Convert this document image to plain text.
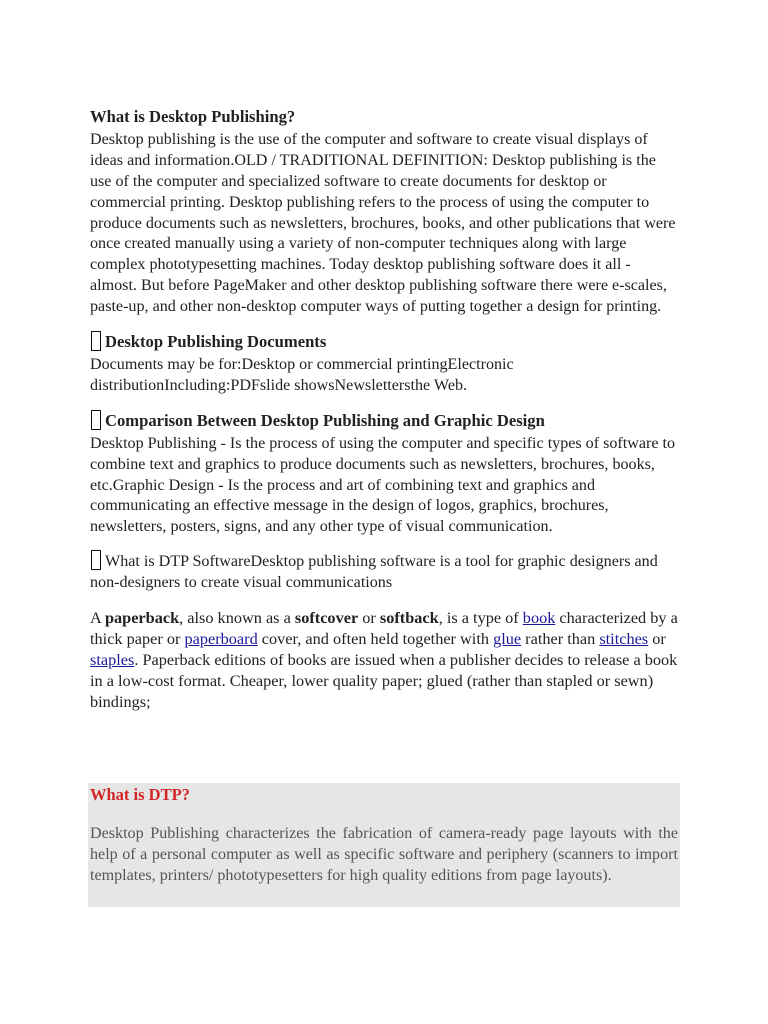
What is Desktop Publishing?
Desktop publishing is the use of the computer and software to create visual displays of ideas and information.OLD / TRADITIONAL DEFINITION: Desktop publishing is the use of the computer and specialized software to create documents for desktop or commercial printing. Desktop publishing refers to the process of using the computer to produce documents such as newsletters, brochures, books, and other publications that were once created manually using a variety of non-computer techniques along with large complex phototypesetting machines. Today desktop publishing software does it all - almost. But before PageMaker and other desktop publishing software there were e-scales, paste-up, and other non-desktop computer ways of putting together a design for printing.
Desktop Publishing Documents
Documents may be for:Desktop or commercial printingElectronic distributionIncluding:PDFslide showsNewslettersthe Web.
Comparison Between Desktop Publishing and Graphic Design
Desktop Publishing - Is the process of using the computer and specific types of software to combine text and graphics to produce documents such as newsletters, brochures, books, etc.Graphic Design - Is the process and art of combining text and graphics and communicating an effective message in the design of logos, graphics, brochures, newsletters, posters, signs, and any other type of visual communication.
What is DTP SoftwareDesktop publishing software is a tool for graphic designers and non-designers to create visual communications
A paperback, also known as a softcover or softback, is a type of book characterized by a thick paper or paperboard cover, and often held together with glue rather than stitches or staples. Paperback editions of books are issued when a publisher decides to release a book in a low-cost format. Cheaper, lower quality paper; glued (rather than stapled or sewn) bindings;
What is DTP?
Desktop Publishing characterizes the fabrication of camera-ready page layouts with the help of a personal computer as well as specific software and periphery (scanners to import templates, printers/ phototypesetters for high quality editions from page layouts).
